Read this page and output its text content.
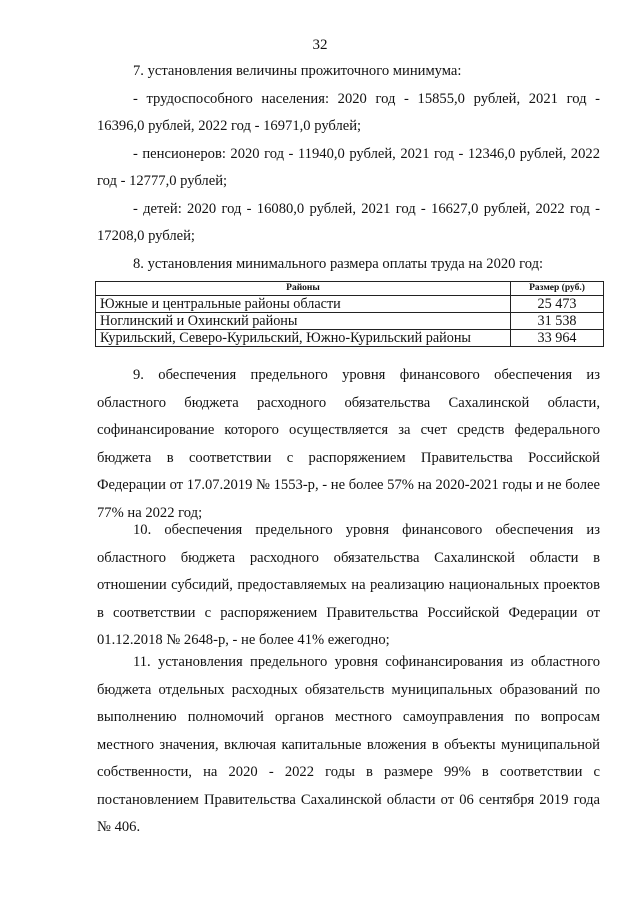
32

7. установления величины прожиточного минимума:

- трудоспособного населения: 2020 год - 15855,0 рублей, 2021 год - 16396,0 рублей, 2022 год - 16971,0 рублей;

- пенсионеров: 2020 год - 11940,0 рублей, 2021 год - 12346,0 рублей, 2022 год - 12777,0 рублей;

- детей: 2020 год - 16080,0 рублей, 2021 год - 16627,0 рублей, 2022 год - 17208,0 рублей;

8. установления минимального размера оплаты труда на 2020 год:

Районы	Размер (руб.)
Южные и центральные районы области	25 473
Ноглинский и Охинский районы	31 538
Курильский, Северо-Курильский, Южно-Курильский районы	33 964

9. обеспечения предельного уровня финансового обеспечения из областного бюджета расходного обязательства Сахалинской области, софинансирование которого осуществляется за счет средств федерального бюджета в соответствии с распоряжением Правительства Российской Федерации от 17.07.2019 № 1553-р, - не более 57% на 2020-2021 годы и не более 77% на 2022 год;

10. обеспечения предельного уровня финансового обеспечения из областного бюджета расходного обязательства Сахалинской области в отношении субсидий, предоставляемых на реализацию национальных проектов в соответствии с распоряжением Правительства Российской Федерации от 01.12.2018 № 2648-р, - не более 41% ежегодно;

11. установления предельного уровня софинансирования из областного бюджета отдельных расходных обязательств муниципальных образований по выполнению полномочий органов местного самоуправления по вопросам местного значения, включая капитальные вложения в объекты муниципальной собственности, на 2020 - 2022 годы в размере 99% в соответствии с постановлением Правительства Сахалинской области от 06 сентября 2019 года № 406.
